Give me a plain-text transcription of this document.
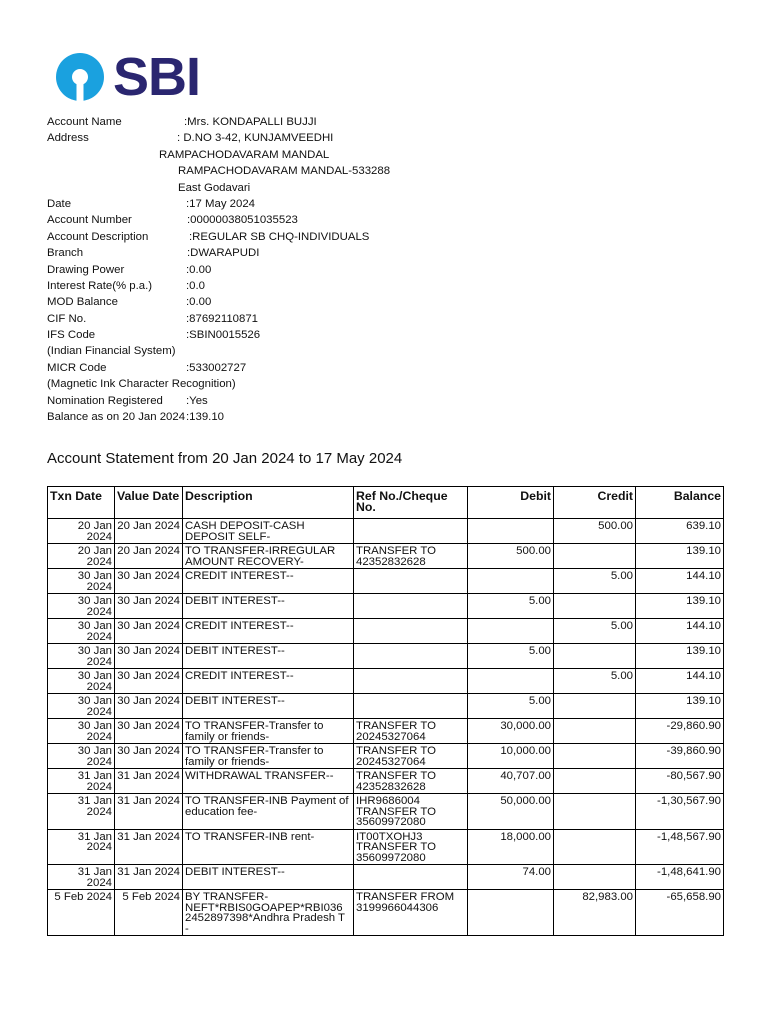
SBI
Account Name	:Mrs. KONDAPALLI BUJJI
Address	: D.NO 3-42, KUNJAMVEEDHI
RAMPACHODAVARAM MANDAL
RAMPACHODAVARAM MANDAL-533288
East Godavari
Date	:17 May 2024
Account Number	:00000038051035523
Account Description	:REGULAR SB CHQ-INDIVIDUALS
Branch	:DWARAPUDI
Drawing Power	:0.00
Interest Rate(% p.a.)	:0.0
MOD Balance	:0.00
CIF No.	:87692110871
IFS Code	:SBIN0015526
(Indian Financial System)
MICR Code	:533002727
(Magnetic Ink Character Recognition)
Nomination Registered :Yes
Balance as on 20 Jan 2024 :139.10
Account Statement from 20 Jan 2024 to 17 May 2024
Txn Date	Value Date	Description	Ref No./Cheque No.	Debit	Credit	Balance
20 Jan 2024	20 Jan 2024	CASH DEPOSIT-CASH DEPOSIT SELF-			500.00	639.10
20 Jan 2024	20 Jan 2024	TO TRANSFER-IRREGULAR AMOUNT RECOVERY-	TRANSFER TO 42352832628	500.00		139.10
30 Jan 2024	30 Jan 2024	CREDIT INTEREST--			5.00	144.10
30 Jan 2024	30 Jan 2024	DEBIT INTEREST--		5.00		139.10
30 Jan 2024	30 Jan 2024	CREDIT INTEREST--			5.00	144.10
30 Jan 2024	30 Jan 2024	DEBIT INTEREST--		5.00		139.10
30 Jan 2024	30 Jan 2024	CREDIT INTEREST--			5.00	144.10
30 Jan 2024	30 Jan 2024	DEBIT INTEREST--		5.00		139.10
30 Jan 2024	30 Jan 2024	TO TRANSFER-Transfer to family or friends-	TRANSFER TO 20245327064	30,000.00		-29,860.90
30 Jan 2024	30 Jan 2024	TO TRANSFER-Transfer to family or friends-	TRANSFER TO 20245327064	10,000.00		-39,860.90
31 Jan 2024	31 Jan 2024	WITHDRAWAL TRANSFER--	TRANSFER TO 42352832628	40,707.00		-80,567.90
31 Jan 2024	31 Jan 2024	TO TRANSFER-INB Payment of education fee-	IHR9686004 TRANSFER TO 35609972080	50,000.00		-1,30,567.90
31 Jan 2024	31 Jan 2024	TO TRANSFER-INB rent-	IT00TXOHJ3 TRANSFER TO 35609972080	18,000.00		-1,48,567.90
31 Jan 2024	31 Jan 2024	DEBIT INTEREST--		74.00		-1,48,641.90
5 Feb 2024	5 Feb 2024	BY TRANSFER-NEFT*RBIS0GOAPEP*RBI036 2452897398*Andhra Pradesh T -	TRANSFER FROM 3199966044306		82,983.00	-65,658.90
